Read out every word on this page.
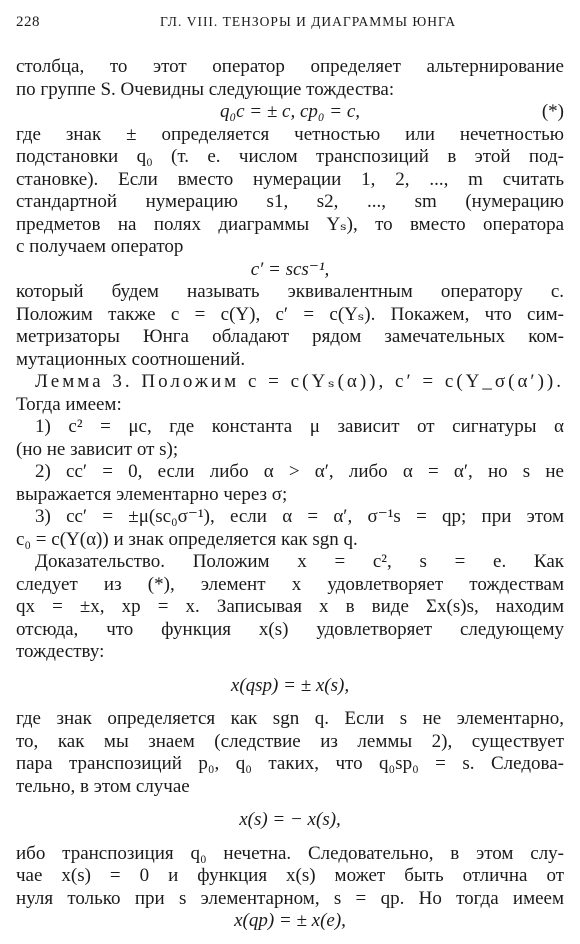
228	ГЛ. VIII. ТЕНЗОРЫ И ДИАГРАММЫ ЮНГА
столбца, то этот оператор определяет альтернирование
по группе S. Очевидны следующие тождества:
q₀c = ± c, cp₀ = c,	(*)
где знак ± определяется четностью или нечетностью
подстановки q₀ (т. е. числом транспозиций в этой под-
становке). Если вместо нумерации 1, 2, ..., m считать
стандартной нумерацию s1, s2, ..., sm (нумерацию
предметов на полях диаграммы Yₛ), то вместо оператора
c получаем оператор
c′ = scs⁻¹,
который будем называть эквивалентным оператору c.
Положим также c = c(Y), c′ = c(Yₛ). Покажем, что сим-
метризаторы Юнга обладают рядом замечательных ком-
мутационных соотношений.
Лемма 3. Положим c = c(Yₛ(α)), c′ = c(Y_σ(α′)).
Тогда имеем:
1) c² = μc, где константа μ зависит от сигнатуры α
(но не зависит от s);
2) cc′ = 0, если либо α > α′, либо α = α′, но s не
выражается элементарно через σ;
3) cc′ = ±μ(sc₀σ⁻¹), если α = α′, σ⁻¹s = qp; при этом
c₀ = c(Y(α)) и знак определяется как sgn q.
Доказательство. Положим x = c², s = e. Как
следует из (*), элемент x удовлетворяет тождествам
qx = ±x, xp = x. Записывая x в виде Σx(s)s, находим
отсюда, что функция x(s) удовлетворяет следующему
тождеству:
x(qsp) = ± x(s),
где знак определяется как sgn q. Если s не элементарно,
то, как мы знаем (следствие из леммы 2), существует
пара транспозиций p₀, q₀ таких, что q₀sp₀ = s. Следова-
тельно, в этом случае
x(s) = − x(s),
ибо транспозиция q₀ нечетна. Следовательно, в этом слу-
чае x(s) = 0 и функция x(s) может быть отлична от
нуля только при s элементарном, s = qp. Но тогда имеем
x(qp) = ± x(e),
